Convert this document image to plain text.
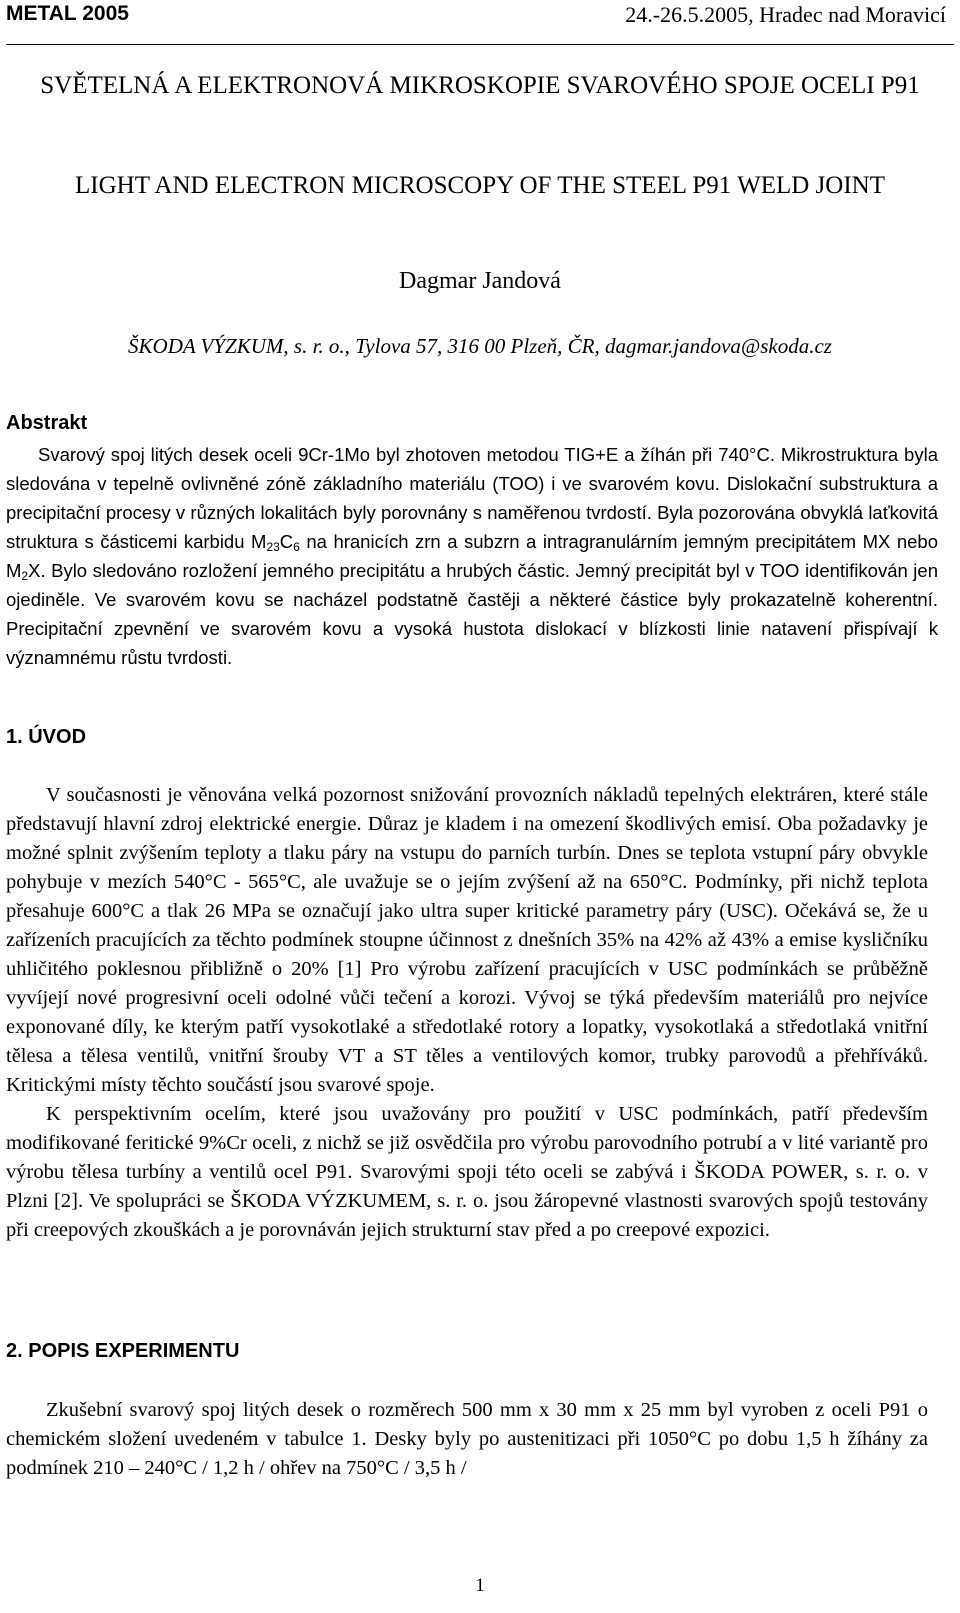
METAL 2005	24.-26.5.2005, Hradec nad Moravicí
SVĚTELNÁ A ELEKTRONOVÁ MIKROSKOPIE SVAROVÉHO SPOJE OCELI P91
LIGHT AND ELECTRON MICROSCOPY OF THE STEEL P91 WELD JOINT
Dagmar Jandová
ŠKODA VÝZKUM, s. r. o., Tylova 57, 316 00 Plzeň, ČR, dagmar.jandova@skoda.cz
Abstrakt

Svarový spoj litých desek oceli 9Cr-1Mo byl zhotoven metodou TIG+E a žíhán při 740°C. Mikrostruktura byla sledována v tepelně ovlivněné zóně základního materiálu (TOO) i ve svarovém kovu. Dislokační substruktura a precipitační procesy v různých lokalitách byly porovnány s naměřenou tvrdostí. Byla pozorována obvyklá laťkovitá struktura s částicemi karbidu $M_{23}C_6$ na hranicích zrn a subzrn a intragranulárním jemným precipitátem MX nebo $M_2X$. Bylo sledováno rozložení jemného precipitátu a hrubých částic. Jemný precipitát byl v TOO identifikován jen ojediněle. Ve svarovém kovu se nacházel podstatně častěji a některé částice byly prokazatelně koherentní. Precipitační zpevnění ve svarovém kovu a vysoká hustota dislokací v blízkosti linie natavení přispívají k významnému růstu tvrdosti.

1. ÚVOD

V současnosti je věnována velká pozornost snižování provozních nákladů tepelných elektráren, které stále představují hlavní zdroj elektrické energie. Důraz je kladem i na omezení škodlivých emisí. Oba požadavky je možné splnit zvýšením teploty a tlaku páry na vstupu do parních turbín. Dnes se teplota vstupní páry obvykle pohybuje v mezích 540°C - 565°C, ale uvažuje se o jejím zvýšení až na 650°C. Podmínky, při nichž teplota přesahuje 600°C a tlak 26 MPa se označují jako ultra super kritické parametry páry (USC). Očekává se, že u zařízeních pracujících za těchto podmínek stoupne účinnost z dnešních 35% na 42% až 43% a emise kysličníku uhličitého poklesnou přibližně o 20% [1] Pro výrobu zařízení pracujících v USC podmínkách se průběžně vyvíjejí nové progresivní oceli odolné vůči tečení a korozi. Vývoj se týká především materiálů pro nejvíce exponované díly, ke kterým patří vysokotlaké a středotlaké rotory a lopatky, vysokotlaká a středotlaká vnitřní tělesa a tělesa ventilů, vnitřní šrouby VT a ST těles a ventilových komor, trubky parovodů a přehříváků. Kritickými místy těchto součástí jsou svarové spoje.

K perspektivním ocelím, které jsou uvažovány pro použití v USC podmínkách, patří především modifikované feritické 9%Cr oceli, z nichž se již osvědčila pro výrobu parovodního potrubí a v lité variantě pro výrobu tělesa turbíny a ventilů ocel P91. Svarovými spoji této oceli se zabývá i ŠKODA POWER, s. r. o. v Plzni [2]. Ve spolupráci se ŠKODA VÝZKUMEM, s. r. o. jsou žáropevné vlastnosti svarových spojů testovány při creepových zkouškách a je porovnáván jejich strukturní stav před a po creepové expozici.

2. POPIS EXPERIMENTU

Zkušební svarový spoj litých desek o rozměrech 500 mm x 30 mm x 25 mm byl vyroben z oceli P91 o chemickém složení uvedeném v tabulce 1. Desky byly po austenitizaci při 1050°C po dobu 1,5 h žíhány za podmínek 210 – 240°C / 1,2 h / ohřev na 750°C / 3,5 h /

1
